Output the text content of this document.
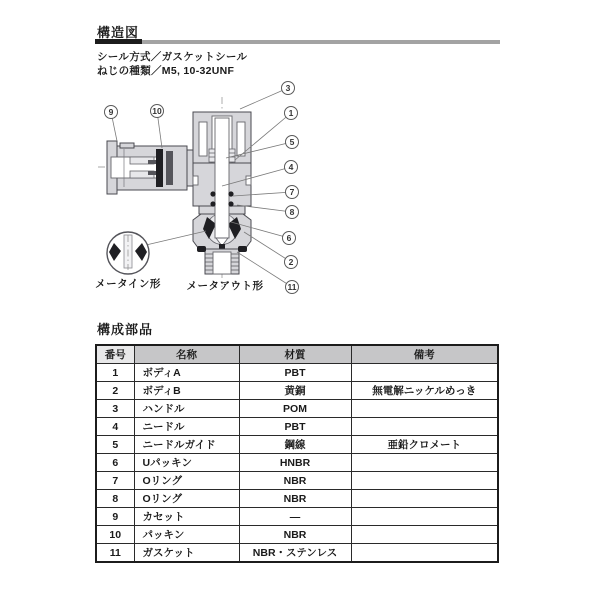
構造図
シール方式／ガスケットシール
ねじの種類／M5, 10-32UNF
9	10
3
1
5
4
7
8
6
2
11
メータイン形 メータアウト形
構成部品
番号	名称	材質	備考
1	ボディA	PBT	
2	ボディB	黄銅	無電解ニッケルめっき
3	ハンドル	POM	
4	ニードル	PBT	
5	ニードルガイド	鋼線	亜鉛クロメート
6	Uパッキン	HNBR	
7	Oリング	NBR	
8	Oリング	NBR	
9	カセット	—	
10	パッキン	NBR	
11	ガスケット	NBR・ステンレス	
